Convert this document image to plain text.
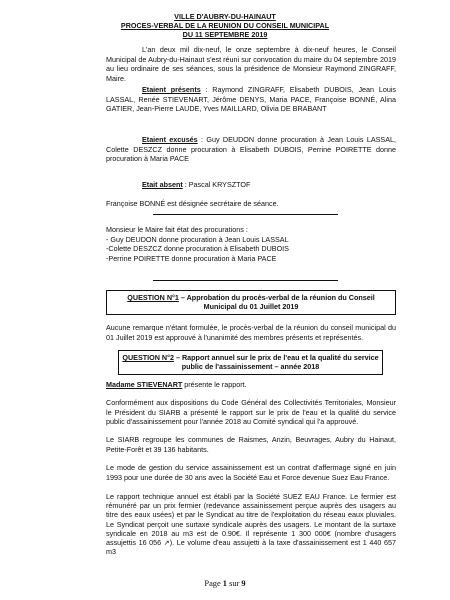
VILLE D'AUBRY-DU-HAINAUT
PROCES-VERBAL DE LA REUNION DU CONSEIL MUNICIPAL
DU 11 SEPTEMBRE 2019
L'an deux mil dix-neuf, le onze septembre à dix-neuf heures, le Conseil Municipal de Aubry-du-Hainaut s'est réuni sur convocation du maire du 04 septembre 2019 au lieu ordinaire de ses séances, sous la présidence de Monsieur Raymond ZINGRAFF, Maire.
Etaient présents : Raymond ZINGRAFF, Elisabeth DUBOIS, Jean Louis LASSAL, Renée STIEVENART, Jérôme DENYS, Maria PACE, Françoise BONNÉ, Alina GATIER, Jean-Pierre LAUDE, Yves MAILLARD, Olivia DE BRABANT
Etaient excusés : Guy DEUDON donne procuration à Jean Louis LASSAL, Colette DESZCZ donne procuration à Elisabeth DUBOIS, Perrine POIRETTE donne procuration à Maria PACE
Etait absent : Pascal KRYSZTOF
Françoise BONNÉ est désignée secrétaire de séance.
Monsieur le Maire fait état des procurations :
- Guy DEUDON donne procuration à Jean Louis LASSAL
-Colette DESZCZ donne procuration à Elisabeth DUBOIS
-Perrine POIRETTE donne procuration à Maria PACE
QUESTION N°1 – Approbation du procès-verbal de la réunion du Conseil Municipal du 01 Juillet 2019
Aucune remarque n'étant formulée, le procès-verbal de la réunion du conseil municipal du 01 Juillet 2019 est approuvé à l'unanimité des membres présents et représentés.
QUESTION N°2 – Rapport annuel sur le prix de l'eau et la qualité du service public de l'assainissement – année 2018
Madame STIEVENART présente le rapport.
Conformément aux dispositions du Code Général des Collectivités Territoriales, Monsieur le Président du SIARB a présenté le rapport sur le prix de l'eau et la qualité du service public d'assainissement pour l'année 2018 au Comité syndical qui l'a approuvé.
Le SIARB regroupe les communes de Raismes, Anzin, Beuvrages, Aubry du Hainaut, Petite-Forêt et 39 136 habitants.
Le mode de gestion du service assainissement est un contrat d'affermage signé en juin 1993 pour une durée de 30 ans avec la Société Eau et Force devenue Suez Eau France.
Le rapport technique annuel est établi par la Société SUEZ EAU France. Le fermier est rémunéré par un prix fermier (redevance assainissement perçue auprès des usagers au titre des eaux usées) et par le Syndicat au titre de l'exploitation du réseau eaux pluviales. Le Syndicat perçoit une surtaxe syndicale auprès des usagers. Le montant de la surtaxe syndicale en 2018 au m3 est de 0.90€. Il représente 1 300 000€ (nombre d'usagers assujettis 16 056 ↗). Le volume d'eau assujetti à la taxe d'assainissement est 1 440 657 m3
Page 1 sur 9
